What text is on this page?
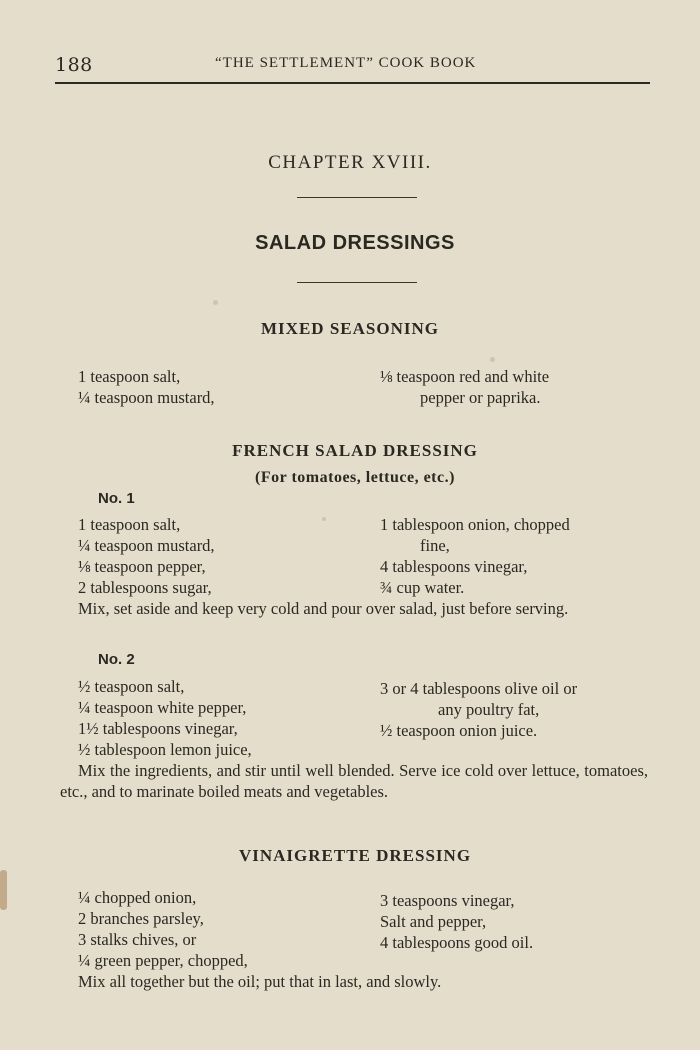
188	“THE SETTLEMENT” COOK BOOK
CHAPTER XVIII.
SALAD DRESSINGS
MIXED SEASONING
1 teaspoon salt,
¼ teaspoon mustard,
⅛ teaspoon red and white
pepper or paprika.
FRENCH SALAD DRESSING
(For tomatoes, lettuce, etc.)
No. 1
1 teaspoon salt,
¼ teaspoon mustard,
⅛ teaspoon pepper,
2 tablespoons sugar,
1 tablespoon onion, chopped
fine,
4 tablespoons vinegar,
¾ cup water.
Mix, set aside and keep very cold and pour over salad, just before serving.
No. 2
½ teaspoon salt,
¼ teaspoon white pepper,
1½ tablespoons vinegar,
½ tablespoon lemon juice,
3 or 4 tablespoons olive oil or
any poultry fat,
½ teaspoon onion juice.
Mix the ingredients, and stir until well blended. Serve ice cold over lettuce, tomatoes, etc., and to marinate boiled meats and vegetables.
VINAIGRETTE DRESSING
¼ chopped onion,
2 branches parsley,
3 stalks chives, or
¼ green pepper, chopped,
3 teaspoons vinegar,
Salt and pepper,
4 tablespoons good oil.
Mix all together but the oil; put that in last, and slowly.
